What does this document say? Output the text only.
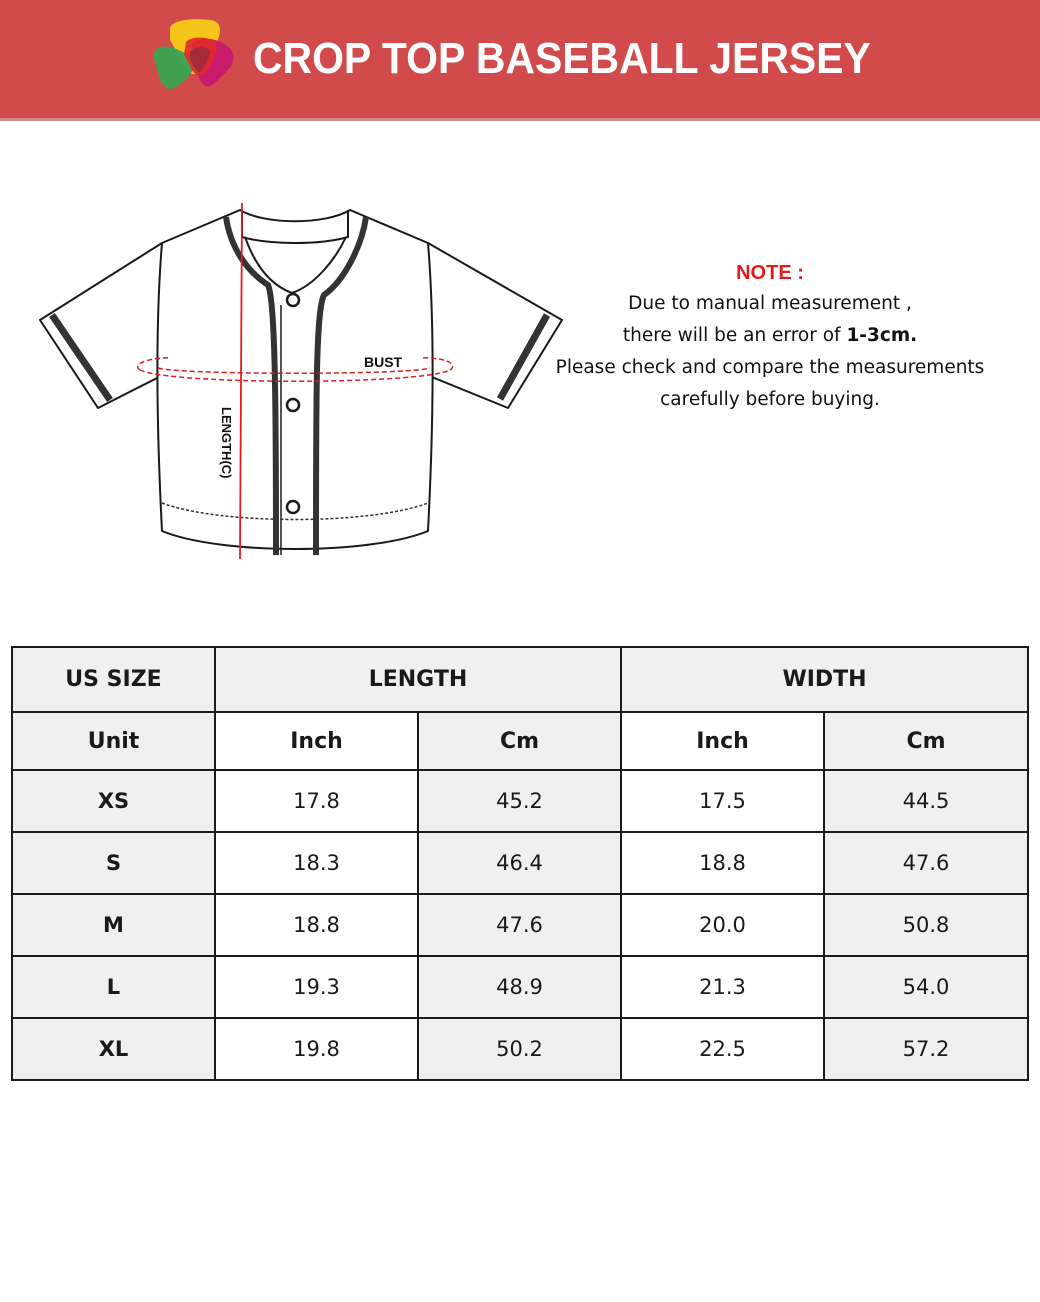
CROP TOP BASEBALL JERSEY
BUST
LENGTH(C)
NOTE :
Due to manual measurement ,
there will be an error of 1-3cm.
Please check and compare the measurements
carefully before buying.
US SIZE	LENGTH		WIDTH	
Unit	Inch	Cm	Inch	Cm
XS	17.8	45.2	17.5	44.5
S	18.3	46.4	18.8	47.6
M	18.8	47.6	20.0	50.8
L	19.3	48.9	21.3	54.0
XL	19.8	50.2	22.5	57.2
